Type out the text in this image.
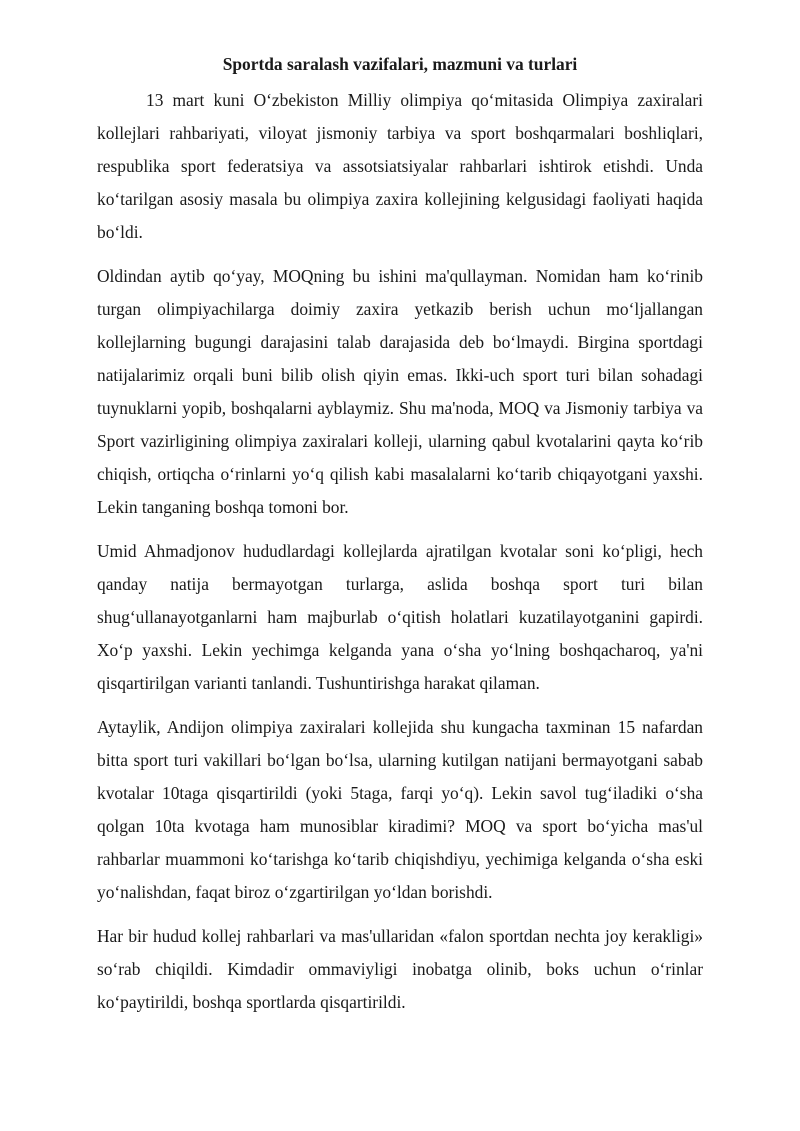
Sportda saralash vazifalari, mazmuni va turlari

13 mart kuni O‘zbekiston Milliy olimpiya qo‘mitasida Olimpiya zaxiralari kollejlari rahbariyati, viloyat jismoniy tarbiya va sport boshqarmalari boshliqlari, respublika sport federatsiya va assotsiatsiyalar rahbarlari ishtirok etishdi. Unda ko‘tarilgan asosiy masala bu olimpiya zaxira kollejining kelgusidagi faoliyati haqida bo‘ldi.

Oldindan aytib qo‘yay, MOQning bu ishini ma'qullayman. Nomidan ham ko‘rinib turgan olimpiyachilarga doimiy zaxira yetkazib berish uchun mo‘ljallangan kollejlarning bugungi darajasini talab darajasida deb bo‘lmaydi. Birgina sportdagi natijalarimiz orqali buni bilib olish qiyin emas. Ikki-uch sport turi bilan sohadagi tuynuklarni yopib, boshqalarni ayblaymiz. Shu ma'noda, MOQ va Jismoniy tarbiya va Sport vazirligining olimpiya zaxiralari kolleji, ularning qabul kvotalarini qayta ko‘rib chiqish, ortiqcha o‘rinlarni yo‘q qilish kabi masalalarni ko‘tarib chiqayotgani yaxshi. Lekin tanganing boshqa tomoni bor.

Umid Ahmadjonov hududlardagi kollejlarda ajratilgan kvotalar soni ko‘pligi, hech qanday natija bermayotgan turlarga, aslida boshqa sport turi bilan shug‘ullanayotganlarni ham majburlab o‘qitish holatlari kuzatilayotganini gapirdi. Xo‘p yaxshi. Lekin yechimga kelganda yana o‘sha yo‘lning boshqacharoq, ya'ni qisqartirilgan varianti tanlandi. Tushuntirishga harakat qilaman.

Aytaylik, Andijon olimpiya zaxiralari kollejida shu kungacha taxminan 15 nafardan bitta sport turi vakillari bo‘lgan bo‘lsa, ularning kutilgan natijani bermayotgani sabab kvotalar 10taga qisqartirildi (yoki 5taga, farqi yo‘q). Lekin savol tug‘iladiki o‘sha qolgan 10ta kvotaga ham munosiblar kiradimi? MOQ va sport bo‘yicha mas'ul rahbarlar muammoni ko‘tarishga ko‘tarib chiqishdiyu, yechimiga kelganda o‘sha eski yo‘nalishdan, faqat biroz o‘zgartirilgan yo‘ldan borishdi.

Har bir hudud kollej rahbarlari va mas'ullaridan «falon sportdan nechta joy kerakligi» so‘rab chiqildi. Kimdadir ommaviyligi inobatga olinib, boks uchun o‘rinlar ko‘paytirildi, boshqa sportlarda qisqartirildi.
